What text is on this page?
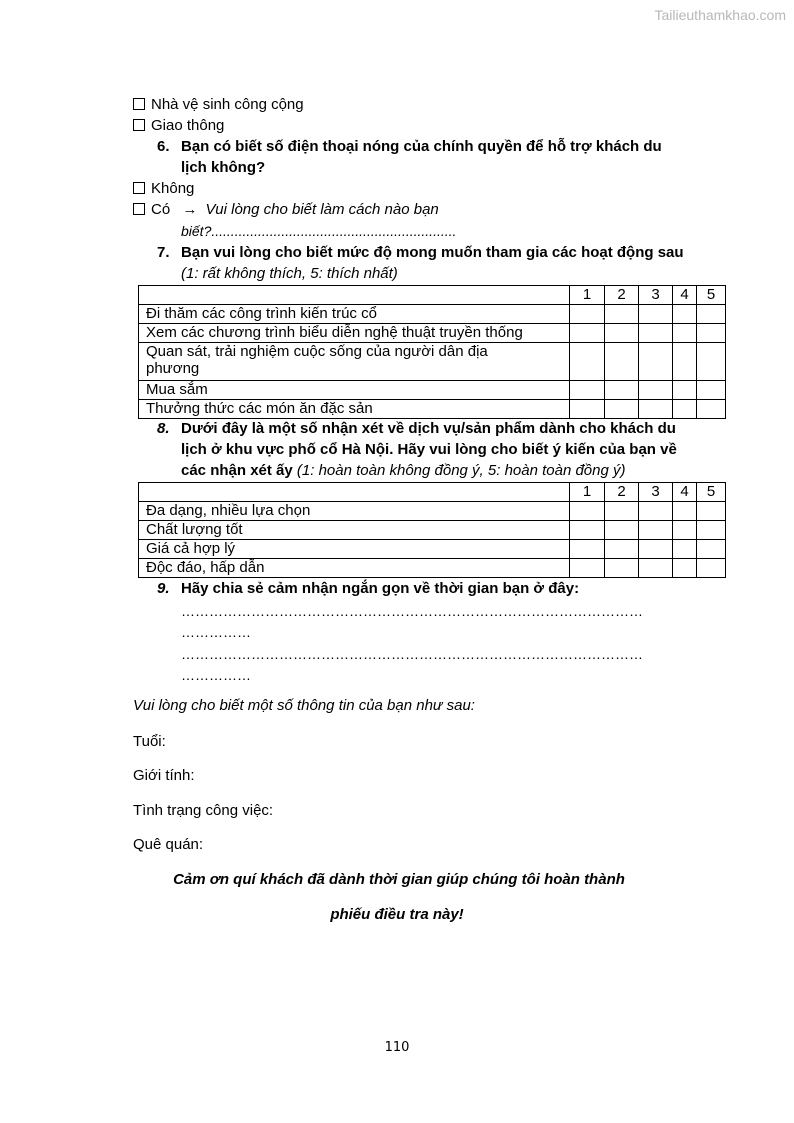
Tailieuthamkhao.com
Nhà vệ sinh công cộng
Giao thông
6. Bạn có biết số điện thoại nóng của chính quyền để hỗ trợ khách du
lịch không?
Không
Có → Vui lòng cho biết làm cách nào bạn
biết?...............................................................
7. Bạn vui lòng cho biết mức độ mong muốn tham gia các hoạt động sau
(1: rất không thích, 5: thích nhất)
	1	2	3	4	5
Đi thăm các công trình kiến trúc cổ					
Xem các chương trình biểu diễn nghệ thuật truyền thống					
Quan sát, trải nghiệm cuộc sống của người dân địa phương					
Mua sắm					
Thưởng thức các món ăn đặc sản					
8. Dưới đây là một số nhận xét về dịch vụ/sản phẩm dành cho khách du
lịch ở khu vực phố cổ Hà Nội. Hãy vui lòng cho biết ý kiến của bạn về
các nhận xét ấy (1: hoàn toàn không đồng ý, 5: hoàn toàn đồng ý)
	1	2	3	4	5
Đa dạng, nhiều lựa chọn					
Chất lượng tốt					
Giá cả hợp lý					
Độc đáo, hấp dẫn					
9. Hãy chia sẻ cảm nhận ngắn gọn về thời gian bạn ở đây:
………………………………………………………………………………………
……………
………………………………………………………………………………………
……………
Vui lòng cho biết một số thông tin của bạn như sau:
Tuổi:
Giới tính:
Tình trạng công việc:
Quê quán:
Cảm ơn quí khách đã dành thời gian giúp chúng tôi hoàn thành
phiếu điều tra này!
110
